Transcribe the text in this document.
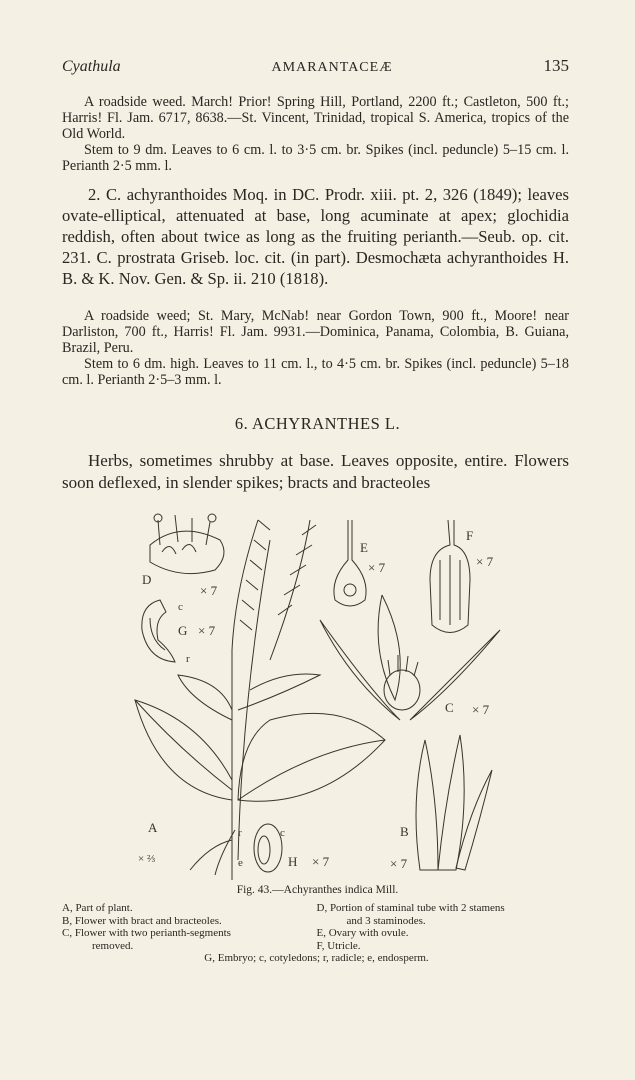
Cyathula	AMARANTACEÆ	135

A roadside weed. March! Prior! Spring Hill, Portland, 2200 ft.; Castleton, 500 ft.; Harris! Fl. Jam. 6717, 8638.—St. Vincent, Trinidad, tropical S. America, tropics of the Old World.

Stem to 9 dm. Leaves to 6 cm. l. to 3·5 cm. br. Spikes (incl. peduncle) 5–15 cm. l. Perianth 2·5 mm. l.

2. C. achyranthoides Moq. in DC. Prodr. xiii. pt. 2, 326 (1849); leaves ovate-elliptical, attenuated at base, long acuminate at apex; glochidia reddish, often about twice as long as the fruiting perianth.—Seub. op. cit. 231. C. prostrata Griseb. loc. cit. (in part). Desmochæta achyranthoides H. B. & K. Nov. Gen. & Sp. ii. 210 (1818).

A roadside weed; St. Mary, McNab! near Gordon Town, 900 ft., Moore! near Darliston, 700 ft., Harris! Fl. Jam. 9931.—Dominica, Panama, Colombia, B. Guiana, Brazil, Peru.

Stem to 6 dm. high. Leaves to 11 cm. l., to 4·5 cm. br. Spikes (incl. peduncle) 5–18 cm. l. Perianth 2·5–3 mm. l.

6. ACHYRANTHES L.

Herbs, sometimes shrubby at base. Leaves opposite, entire. Flowers soon deflexed, in slender spikes; bracts and bracteoles

D
× 7
c
G × 7
r
A
× ⅔
c
r
e	H × 7
E
× 7
F
× 7
C × 7
B
× 7
Fig. 43.—Achyranthes indica Mill.
A, Part of plant.	D, Portion of staminal tube with 2 stamens
B, Flower with bract and bracteoles.	and 3 staminodes.
C, Flower with two perianth-segments	E, Ovary with ovule.
removed.	F, Utricle.
G, Embryo; c, cotyledons; r, radicle; e, endosperm.
